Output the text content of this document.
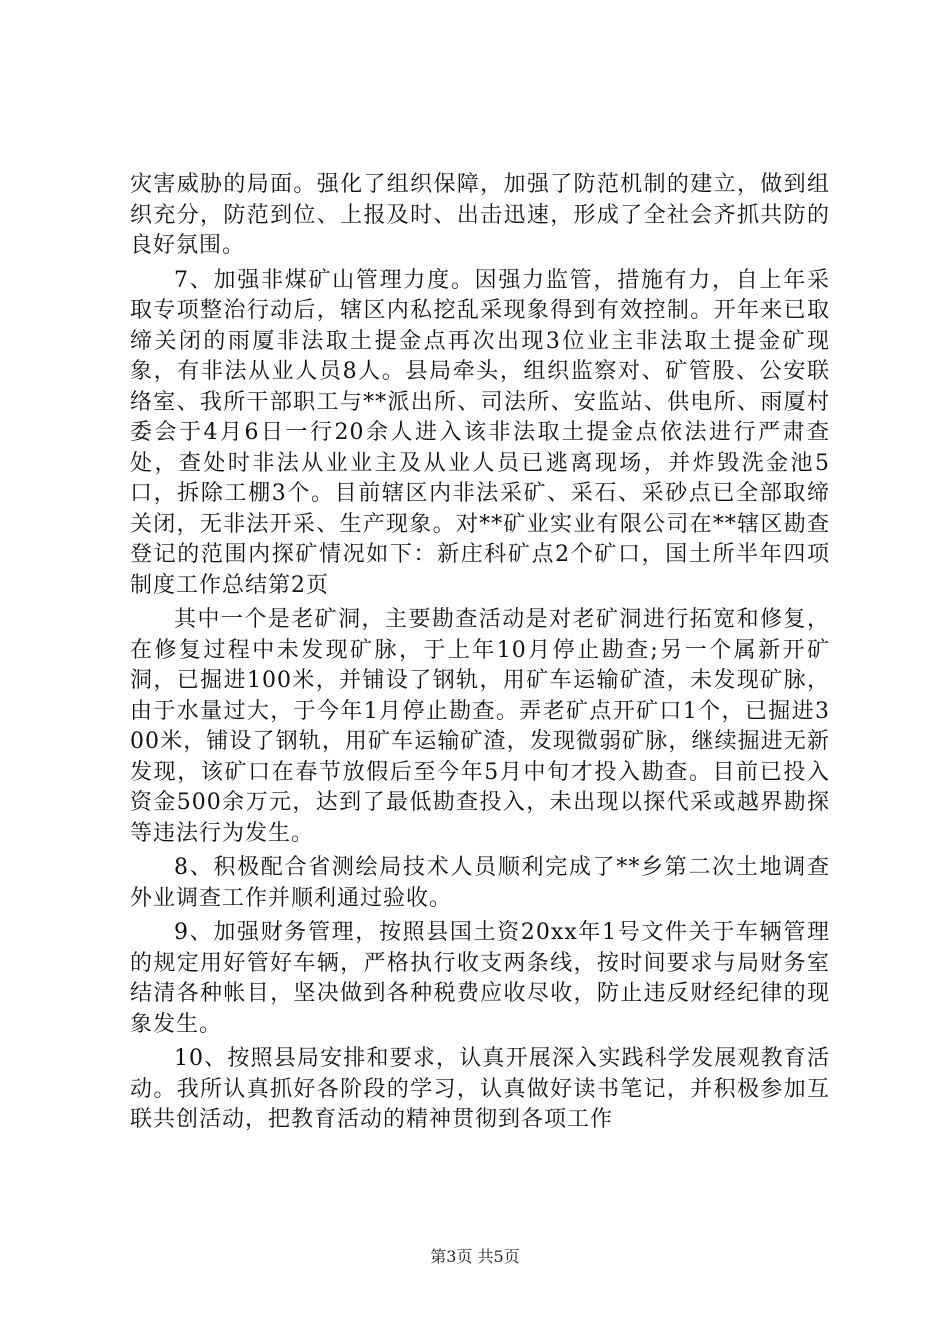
灾害威胁的局面。强化了组织保障，加强了防范机制的建立，做到组织充分，防范到位、上报及时、出击迅速，形成了全社会齐抓共防的良好氛围。

7、加强非煤矿山管理力度。因强力监管，措施有力，自上年采取专项整治行动后，辖区内私挖乱采现象得到有效控制。开年来已取缔关闭的雨厦非法取土提金点再次出现3位业主非法取土提金矿现象，有非法从业人员8人。县局牵头，组织监察对、矿管股、公安联络室、我所干部职工与**派出所、司法所、安监站、供电所、雨厦村委会于4月6日一行20余人进入该非法取土提金点依法进行严肃查处，查处时非法从业业主及从业人员已逃离现场，并炸毁洗金池5口，拆除工棚3个。目前辖区内非法采矿、采石、采砂点已全部取缔关闭，无非法开采、生产现象。对**矿业实业有限公司在**辖区勘查登记的范围内探矿情况如下：新庄科矿点2个矿口，国土所半年四项制度工作总结第2页

其中一个是老矿洞，主要勘查活动是对老矿洞进行拓宽和修复，在修复过程中未发现矿脉，于上年10月停止勘查;另一个属新开矿洞，已掘进100米，并铺设了钢轨，用矿车运输矿渣，未发现矿脉，由于水量过大，于今年1月停止勘查。弄老矿点开矿口1个，已掘进300米，铺设了钢轨，用矿车运输矿渣，发现微弱矿脉，继续掘进无新发现，该矿口在春节放假后至今年5月中旬才投入勘查。目前已投入资金500余万元，达到了最低勘查投入，未出现以探代采或越界勘探等违法行为发生。

8、积极配合省测绘局技术人员顺利完成了**乡第二次土地调查外业调查工作并顺利通过验收。

9、加强财务管理，按照县国土资20xx年1号文件关于车辆管理的规定用好管好车辆，严格执行收支两条线，按时间要求与局财务室结清各种帐目，坚决做到各种税费应收尽收，防止违反财经纪律的现象发生。

10、按照县局安排和要求，认真开展深入实践科学发展观教育活动。我所认真抓好各阶段的学习，认真做好读书笔记，并积极参加互联共创活动，把教育活动的精神贯彻到各项工作

第3页 共5页
